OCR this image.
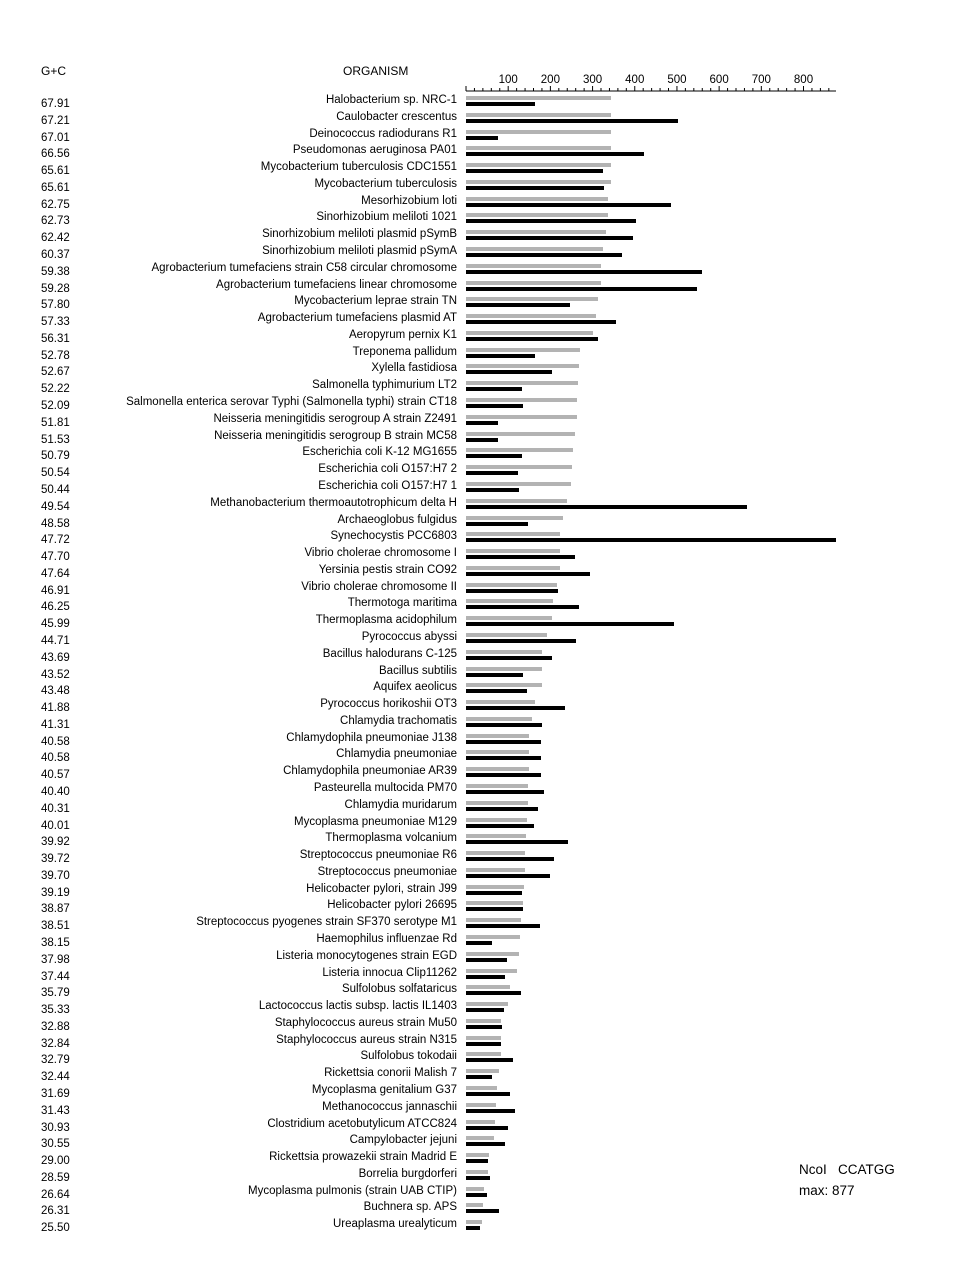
G+C	ORGANISM
100 200 300 400 500 600 700 800
67.91	Halobacterium sp. NRC-1
67.21	Caulobacter crescentus
67.01	Deinococcus radiodurans R1
66.56	Pseudomonas aeruginosa PA01
65.61	Mycobacterium tuberculosis CDC1551
65.61	Mycobacterium tuberculosis
62.75	Mesorhizobium loti
62.73	Sinorhizobium meliloti 1021
62.42	Sinorhizobium meliloti plasmid pSymB
60.37	Sinorhizobium meliloti plasmid pSymA
59.38	Agrobacterium tumefaciens strain C58 circular chromosome
59.28	Agrobacterium tumefaciens linear chromosome
57.80	Mycobacterium leprae strain TN
57.33	Agrobacterium tumefaciens plasmid AT
56.31	Aeropyrum pernix K1
52.78	Treponema pallidum
52.67	Xylella fastidiosa
52.22	Salmonella typhimurium LT2
52.09	Salmonella enterica serovar Typhi (Salmonella typhi) strain CT18
51.81	Neisseria meningitidis serogroup A strain Z2491
51.53	Neisseria meningitidis serogroup B strain MC58
50.79	Escherichia coli K-12 MG1655
50.54	Escherichia coli O157:H7 2
50.44	Escherichia coli O157:H7 1
49.54	Methanobacterium thermoautotrophicum delta H
48.58	Archaeoglobus fulgidus
47.72	Synechocystis PCC6803
47.70	Vibrio cholerae chromosome I
47.64	Yersinia pestis strain CO92
46.91	Vibrio cholerae chromosome II
46.25	Thermotoga maritima
45.99	Thermoplasma acidophilum
44.71	Pyrococcus abyssi
43.69	Bacillus halodurans C-125
43.52	Bacillus subtilis
43.48	Aquifex aeolicus
41.88	Pyrococcus horikoshii OT3
41.31	Chlamydia trachomatis
40.58	Chlamydophila pneumoniae J138
40.58	Chlamydia pneumoniae
40.57	Chlamydophila pneumoniae AR39
40.40	Pasteurella multocida PM70
40.31	Chlamydia muridarum
40.01	Mycoplasma pneumoniae M129
39.92	Thermoplasma volcanium
39.72	Streptococcus pneumoniae R6
39.70	Streptococcus pneumoniae
39.19	Helicobacter pylori, strain J99
38.87	Helicobacter pylori 26695
38.51	Streptococcus pyogenes strain SF370 serotype M1
38.15	Haemophilus influenzae Rd
37.98	Listeria monocytogenes strain EGD
37.44	Listeria innocua Clip11262
35.79	Sulfolobus solfataricus
35.33	Lactococcus lactis subsp. lactis IL1403
32.88	Staphylococcus aureus strain Mu50
32.84	Staphylococcus aureus strain N315
32.79	Sulfolobus tokodaii
32.44	Rickettsia conorii Malish 7
31.69	Mycoplasma genitalium G37
31.43	Methanococcus jannaschii
30.93	Clostridium acetobutylicum ATCC824
30.55	Campylobacter jejuni
29.00	Rickettsia prowazekii strain Madrid E
28.59	Borrelia burgdorferi
26.64	Mycoplasma pulmonis (strain UAB CTIP)
26.31	Buchnera sp. APS
25.50	Ureaplasma urealyticum
NcoI CCATGG
max: 877
